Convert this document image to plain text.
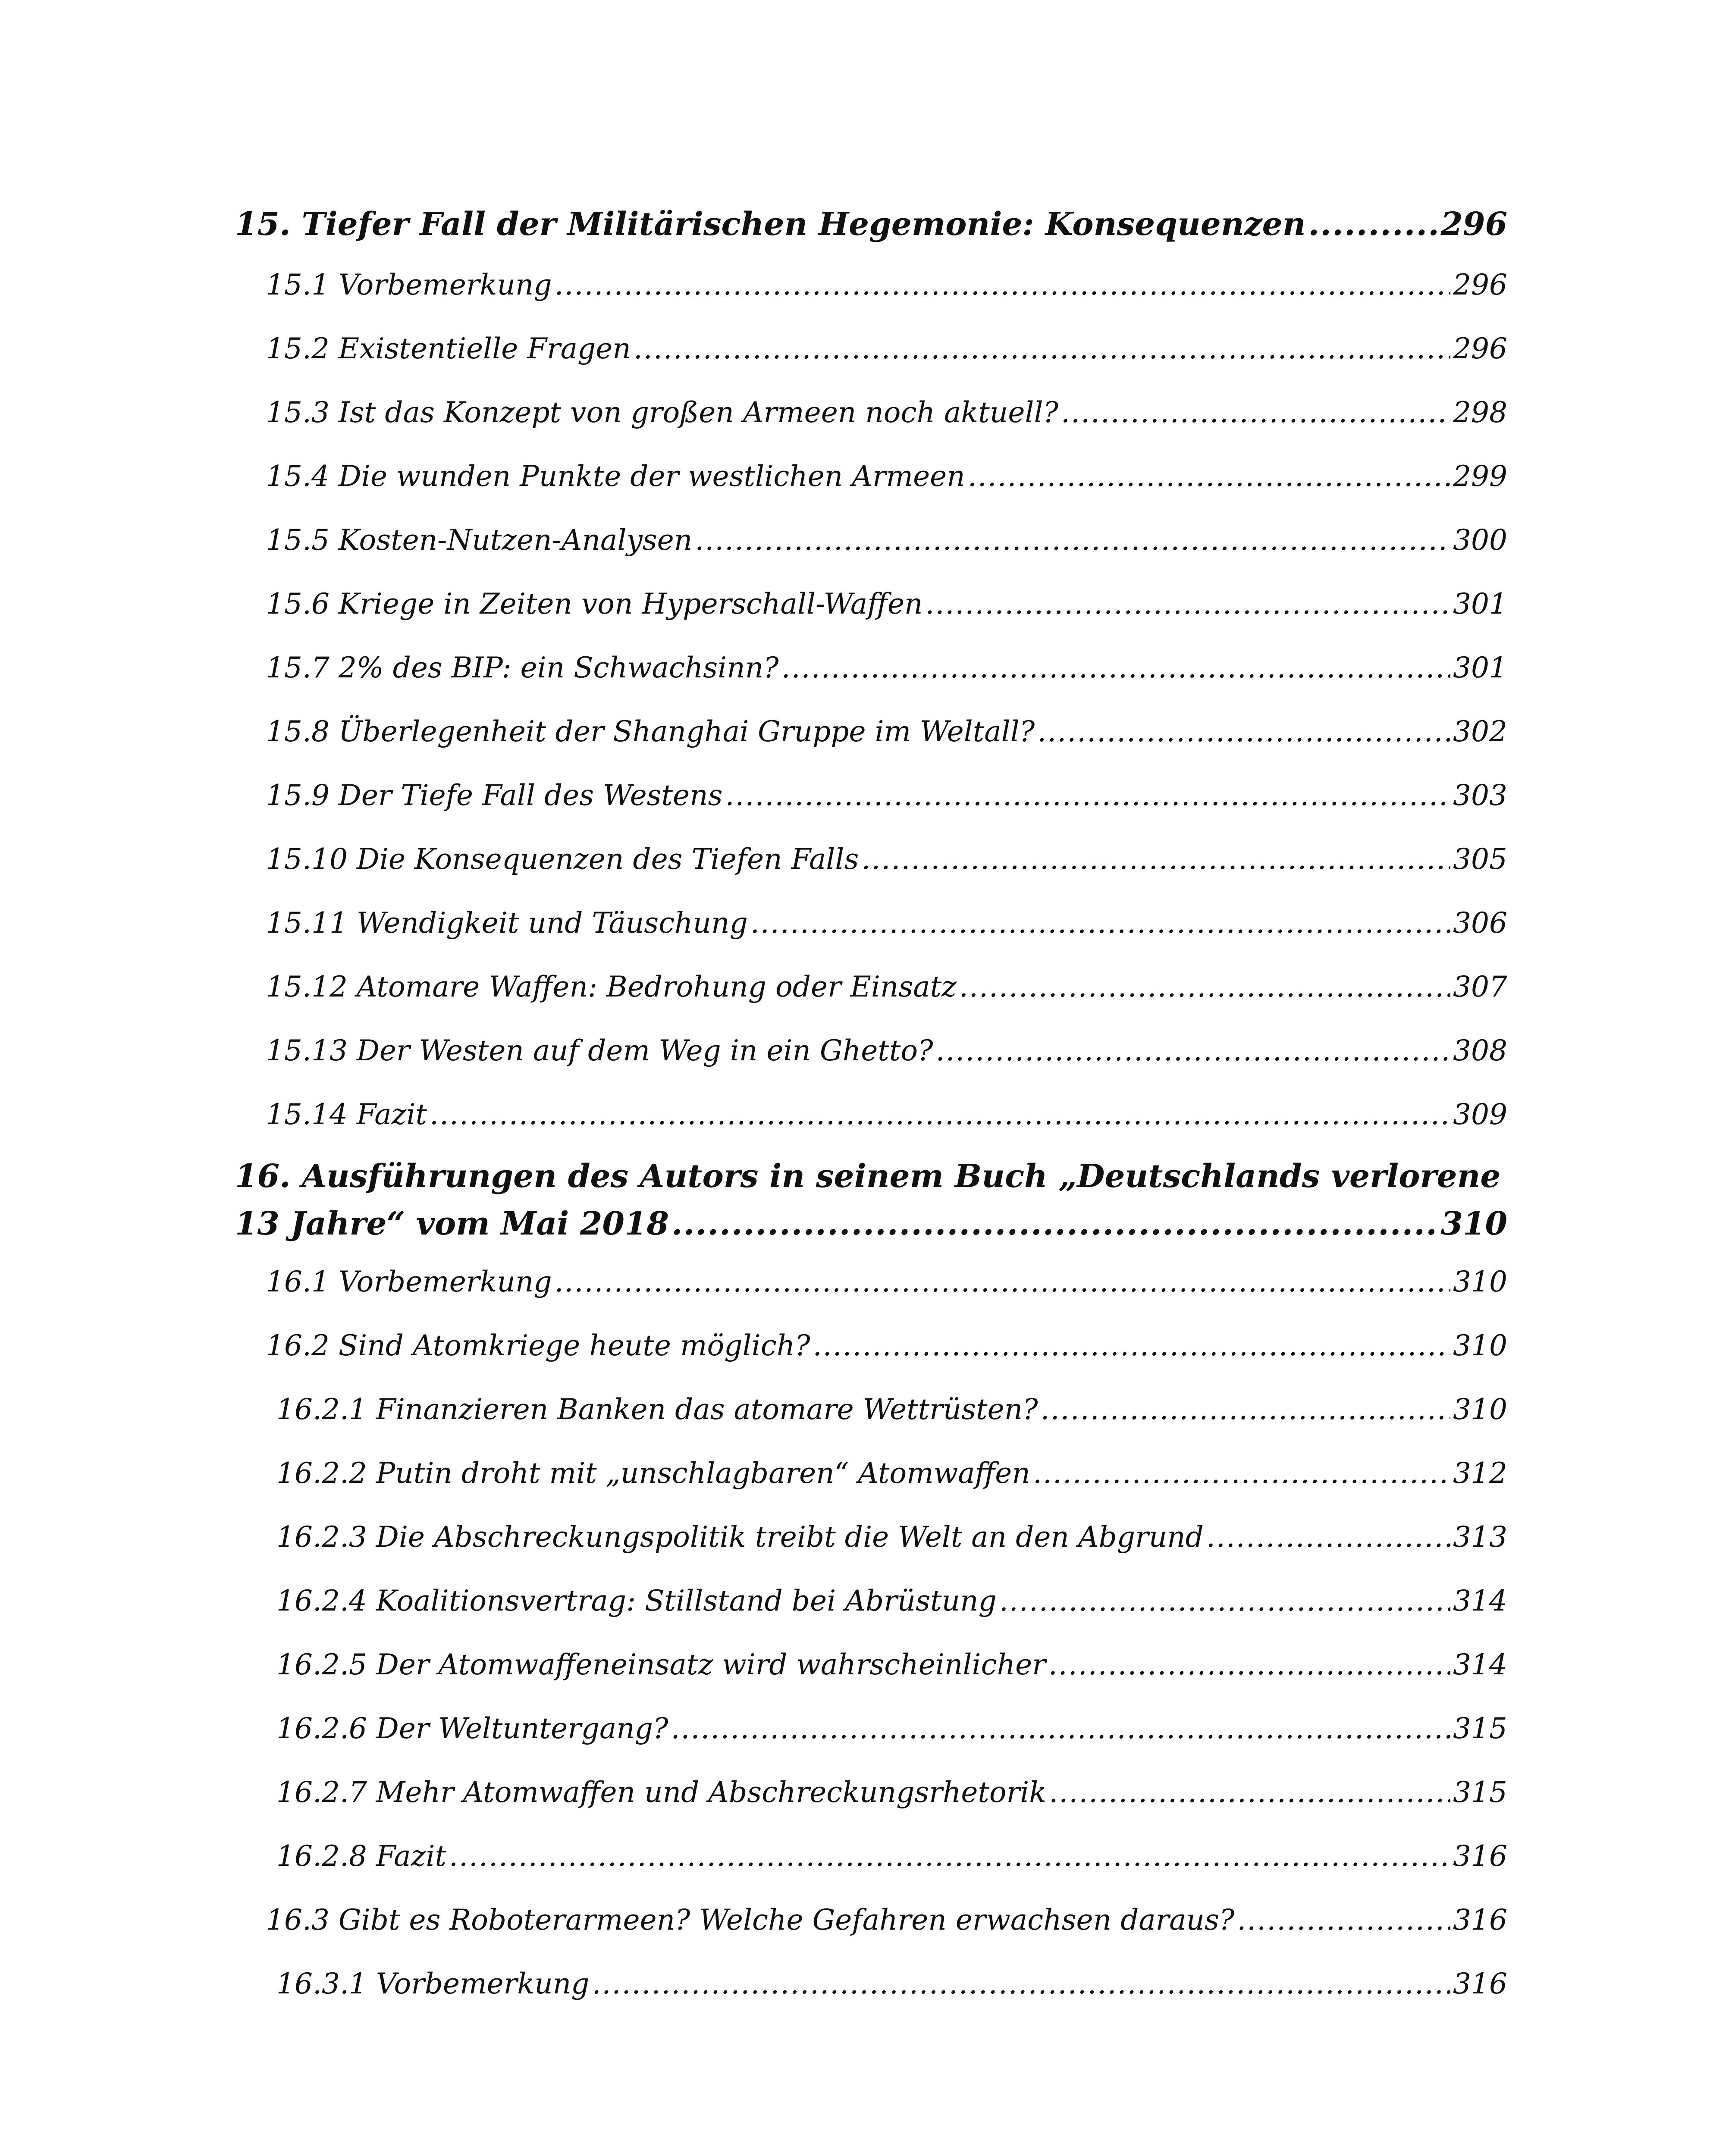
15. Tiefer Fall der Militärischen Hegemonie: Konsequenzen .....	296
15.1 Vorbemerkung .....	296
15.2 Existentielle Fragen .....	296
15.3 Ist das Konzept von großen Armeen noch aktuell? .....	298
15.4 Die wunden Punkte der westlichen Armeen .....	299
15.5 Kosten-Nutzen-Analysen .....	300
15.6 Kriege in Zeiten von Hyperschall-Waffen .....	301
15.7 2% des BIP: ein Schwachsinn? .....	301
15.8 Überlegenheit der Shanghai Gruppe im Weltall? .....	302
15.9 Der Tiefe Fall des Westens .....	303
15.10 Die Konsequenzen des Tiefen Falls .....	305
15.11 Wendigkeit und Täuschung .....	306
15.12 Atomare Waffen: Bedrohung oder Einsatz .....	307
15.13 Der Westen auf dem Weg in ein Ghetto? .....	308
15.14 Fazit .....	309
16. Ausführungen des Autors in seinem Buch „Deutschlands verlorene
13 Jahre“ vom Mai 2018 .....	310
16.1 Vorbemerkung .....	310
16.2 Sind Atomkriege heute möglich? .....	310
16.2.1 Finanzieren Banken das atomare Wettrüsten? .....	310
16.2.2 Putin droht mit „unschlagbaren“ Atomwaffen .....	312
16.2.3 Die Abschreckungspolitik treibt die Welt an den Abgrund .....	313
16.2.4 Koalitionsvertrag: Stillstand bei Abrüstung .....	314
16.2.5 Der Atomwaffeneinsatz wird wahrscheinlicher .....	314
16.2.6 Der Weltuntergang? .....	315
16.2.7 Mehr Atomwaffen und Abschreckungsrhetorik .....	315
16.2.8 Fazit .....	316
16.3 Gibt es Roboterarmeen? Welche Gefahren erwachsen daraus? .....	316
16.3.1 Vorbemerkung .....	316
